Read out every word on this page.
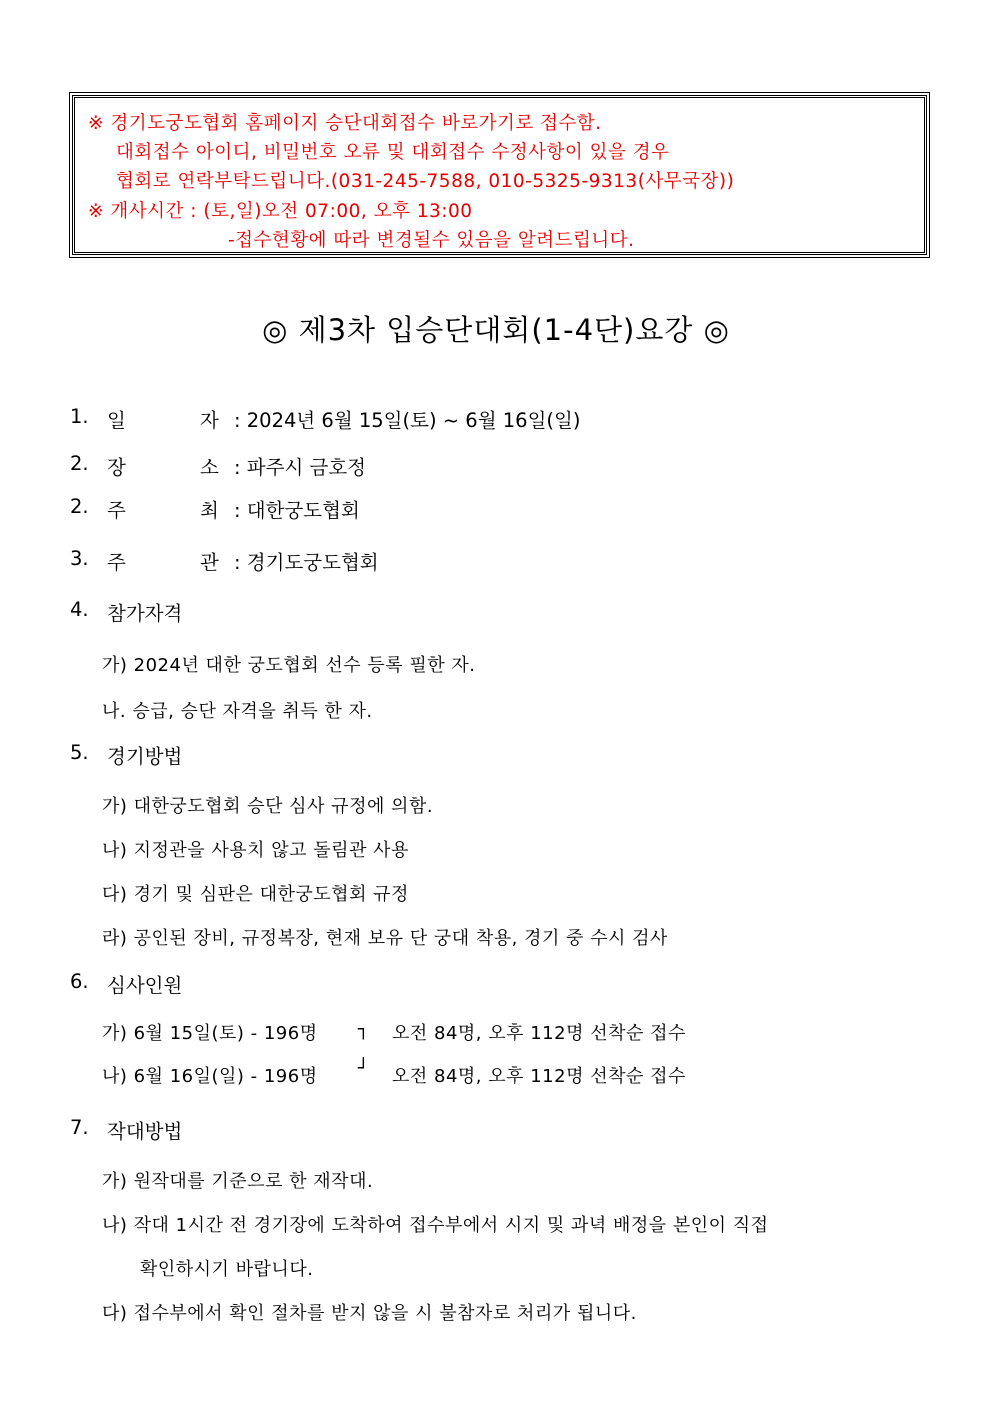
※ 경기도궁도협회 홈페이지 승단대회접수 바로가기로 접수함.
대회접수 아이디, 비밀번호 오류 및 대회접수 수정사항이 있을 경우
협회로 연락부탁드립니다.(031-245-7588, 010-5325-9313(사무국장))
※ 개사시간 : (토,일)오전 07:00, 오후 13:00
-접수현황에 따라 변경될수 있음을 알려드립니다.
◎ 제3차 입승단대회(1-4단)요강 ◎
1. 일	자 : 2024년 6월 15일(토) ~ 6월 16일(일)
2. 장	소 : 파주시 금호정
2. 주	최 : 대한궁도협회
3. 주	관 : 경기도궁도협회
4. 참가자격
가) 2024년 대한 궁도협회 선수 등록 필한 자.
나. 승급, 승단 자격을 취득 한 자.
5. 경기방법
가) 대한궁도협회 승단 심사 규정에 의함.
나) 지정관을 사용치 않고 돌림관 사용
다) 경기 및 심판은 대한궁도협회 규정
라) 공인된 장비, 규정복장, 현재 보유 단 궁대 착용, 경기 중 수시 검사
6. 심사인원
가) 6월 15일(토) - 196명 ┐ 오전 84명, 오후 112명 선착순 접수
나) 6월 16일(일) - 196명 ┘ 오전 84명, 오후 112명 선착순 접수
7. 작대방법
가) 원작대를 기준으로 한 재작대.
나) 작대 1시간 전 경기장에 도착하여 접수부에서 시지 및 과녁 배정을 본인이 직접
확인하시기 바랍니다.
다) 접수부에서 확인 절차를 받지 않을 시 불참자로 처리가 됩니다.
